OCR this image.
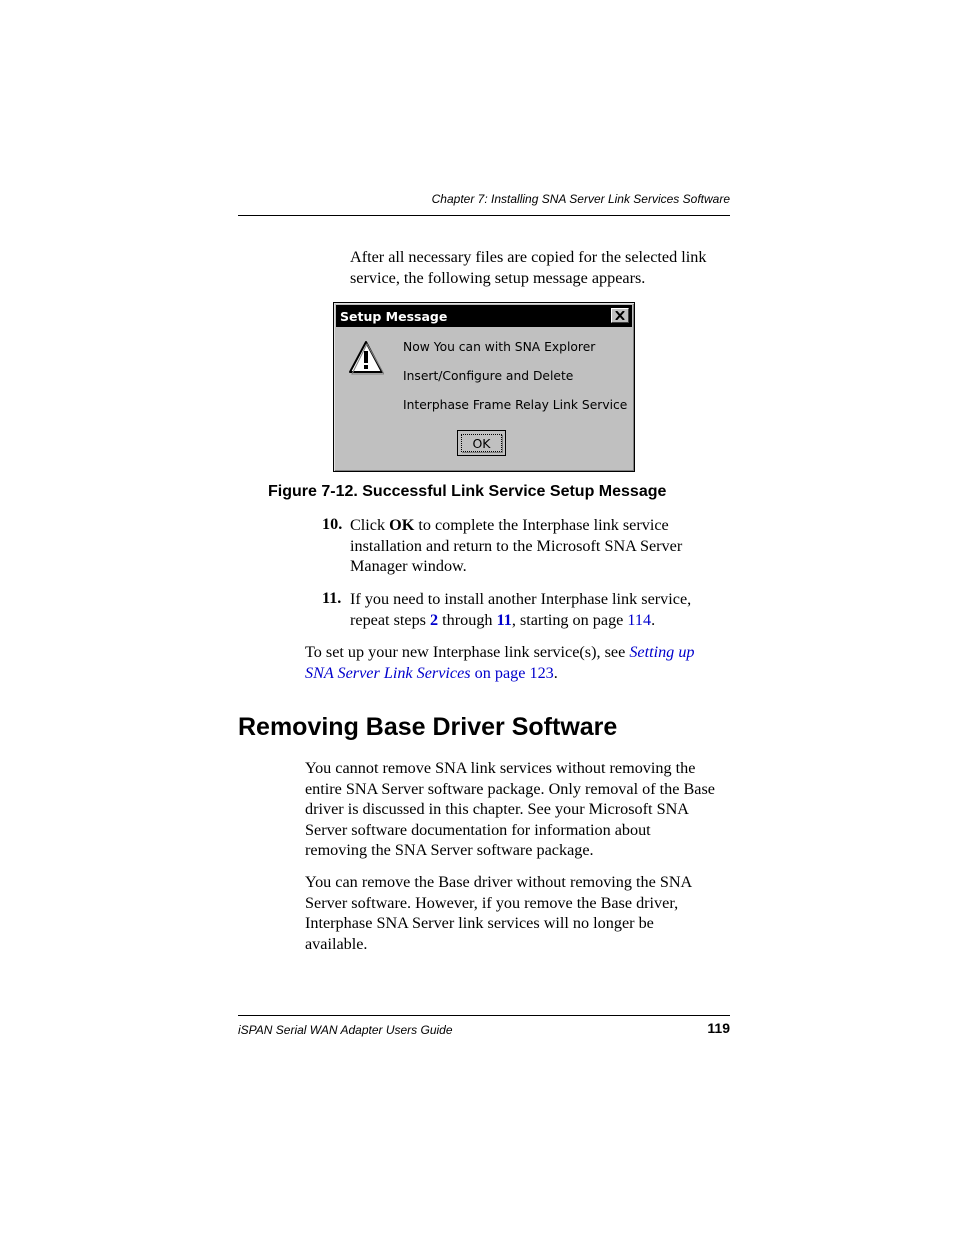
Chapter 7: Installing SNA Server Link Services Software

After all necessary files are copied for the selected link
service, the following setup message appears.

Setup Message
Now You can with SNA Explorer
Insert/Configure and Delete
Interphase Frame Relay Link Service
OK
Figure 7-12. Successful Link Service Setup Message
10. Click OK to complete the Interphase link service
installation and return to the Microsoft SNA Server
Manager window.

11. If you need to install another Interphase link service,
repeat steps 2 through 11, starting on page 114.

To set up your new Interphase link service(s), see Setting up
SNA Server Link Services on page 123.

Removing Base Driver Software

You cannot remove SNA link services without removing the
entire SNA Server software package. Only removal of the Base
driver is discussed in this chapter. See your Microsoft SNA
Server software documentation for information about
removing the SNA Server software package.

You can remove the Base driver without removing the SNA
Server software. However, if you remove the Base driver,
Interphase SNA Server link services will no longer be
available.

iSPAN Serial WAN Adapter Users Guide	119
